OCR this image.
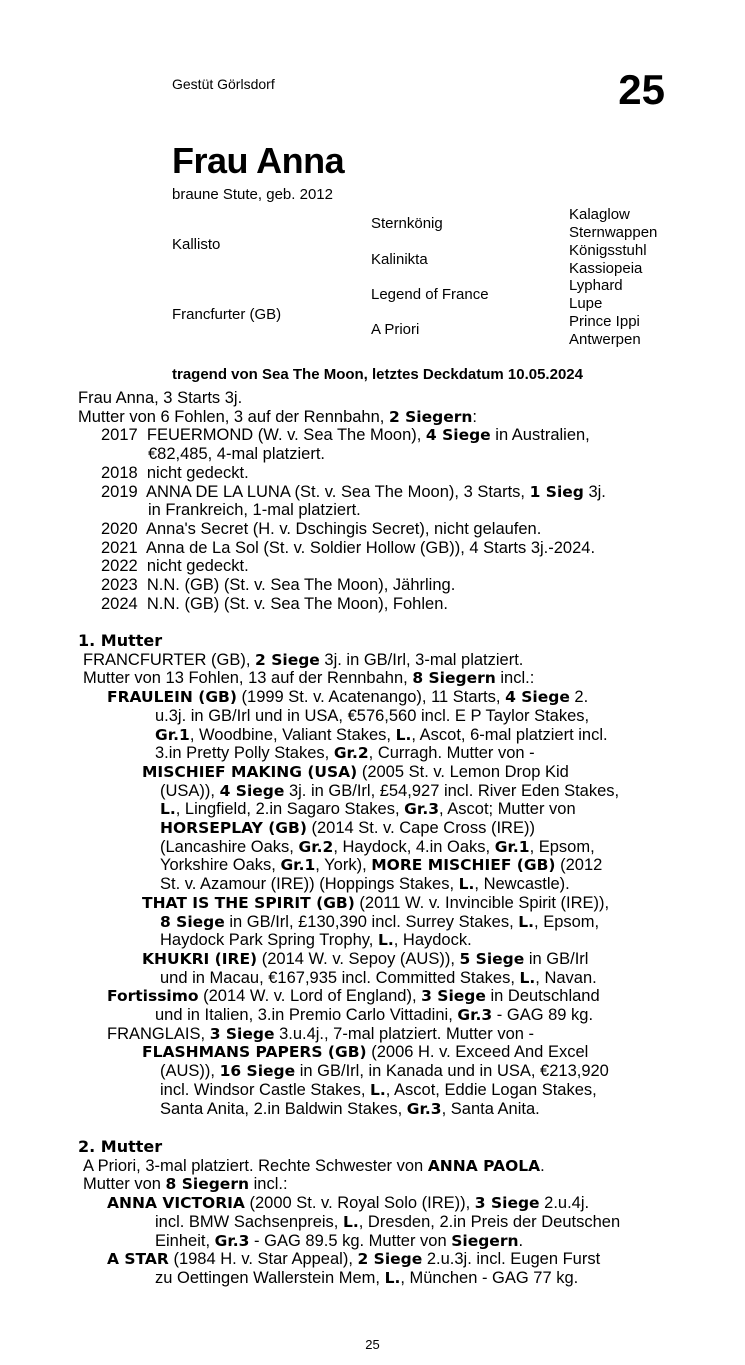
Gestüt Görlsdorf	25
Frau Anna
braune Stute, geb. 2012
Kallisto
Francfurter (GB)
Sternkönig
Kalinikta
Legend of France
A Priori
Kalaglow
Sternwappen
Königsstuhl
Kassiopeia
Lyphard
Lupe
Prince Ippi
Antwerpen
tragend von Sea The Moon, letztes Deckdatum 10.05.2024
Frau Anna, 3 Starts 3j.
Mutter von 6 Fohlen, 3 auf der Rennbahn, 2 Siegern:
2017  FEUERMOND (W. v. Sea The Moon), 4 Siege in Australien,
€82,485, 4-mal platziert.
2018  nicht gedeckt.
2019  ANNA DE LA LUNA (St. v. Sea The Moon), 3 Starts, 1 Sieg 3j.
in Frankreich, 1-mal platziert.
2020  Anna's Secret (H. v. Dschingis Secret), nicht gelaufen.
2021  Anna de La Sol (St. v. Soldier Hollow (GB)), 4 Starts 3j.-2024.
2022  nicht gedeckt.
2023  N.N. (GB) (St. v. Sea The Moon), Jährling.
2024  N.N. (GB) (St. v. Sea The Moon), Fohlen.
1. Mutter
FRANCFURTER (GB), 2 Siege 3j. in GB/Irl, 3-mal platziert.
Mutter von 13 Fohlen, 13 auf der Rennbahn, 8 Siegern incl.:
FRAULEIN (GB) (1999 St. v. Acatenango), 11 Starts, 4 Siege 2.
u.3j. in GB/Irl und in USA, €576,560 incl. E P Taylor Stakes,
Gr.1, Woodbine, Valiant Stakes, L., Ascot, 6-mal platziert incl.
3.in Pretty Polly Stakes, Gr.2, Curragh. Mutter von -
MISCHIEF MAKING (USA) (2005 St. v. Lemon Drop Kid
(USA)), 4 Siege 3j. in GB/Irl, £54,927 incl. River Eden Stakes,
L., Lingfield, 2.in Sagaro Stakes, Gr.3, Ascot; Mutter von
HORSEPLAY (GB) (2014 St. v. Cape Cross (IRE))
(Lancashire Oaks, Gr.2, Haydock, 4.in Oaks, Gr.1, Epsom,
Yorkshire Oaks, Gr.1, York), MORE MISCHIEF (GB) (2012
St. v. Azamour (IRE)) (Hoppings Stakes, L., Newcastle).
THAT IS THE SPIRIT (GB) (2011 W. v. Invincible Spirit (IRE)),
8 Siege in GB/Irl, £130,390 incl. Surrey Stakes, L., Epsom,
Haydock Park Spring Trophy, L., Haydock.
KHUKRI (IRE) (2014 W. v. Sepoy (AUS)), 5 Siege in GB/Irl
und in Macau, €167,935 incl. Committed Stakes, L., Navan.
Fortissimo (2014 W. v. Lord of England), 3 Siege in Deutschland
und in Italien, 3.in Premio Carlo Vittadini, Gr.3 - GAG 89 kg.
FRANGLAIS, 3 Siege 3.u.4j., 7-mal platziert. Mutter von -
FLASHMANS PAPERS (GB) (2006 H. v. Exceed And Excel
(AUS)), 16 Siege in GB/Irl, in Kanada und in USA, €213,920
incl. Windsor Castle Stakes, L., Ascot, Eddie Logan Stakes,
Santa Anita, 2.in Baldwin Stakes, Gr.3, Santa Anita.
2. Mutter
A Priori, 3-mal platziert. Rechte Schwester von ANNA PAOLA.
Mutter von 8 Siegern incl.:
ANNA VICTORIA (2000 St. v. Royal Solo (IRE)), 3 Siege 2.u.4j.
incl. BMW Sachsenpreis, L., Dresden, 2.in Preis der Deutschen
Einheit, Gr.3 - GAG 89.5 kg. Mutter von Siegern.
A STAR (1984 H. v. Star Appeal), 2 Siege 2.u.3j. incl. Eugen Furst
zu Oettingen Wallerstein Mem, L., München - GAG 77 kg.
25
